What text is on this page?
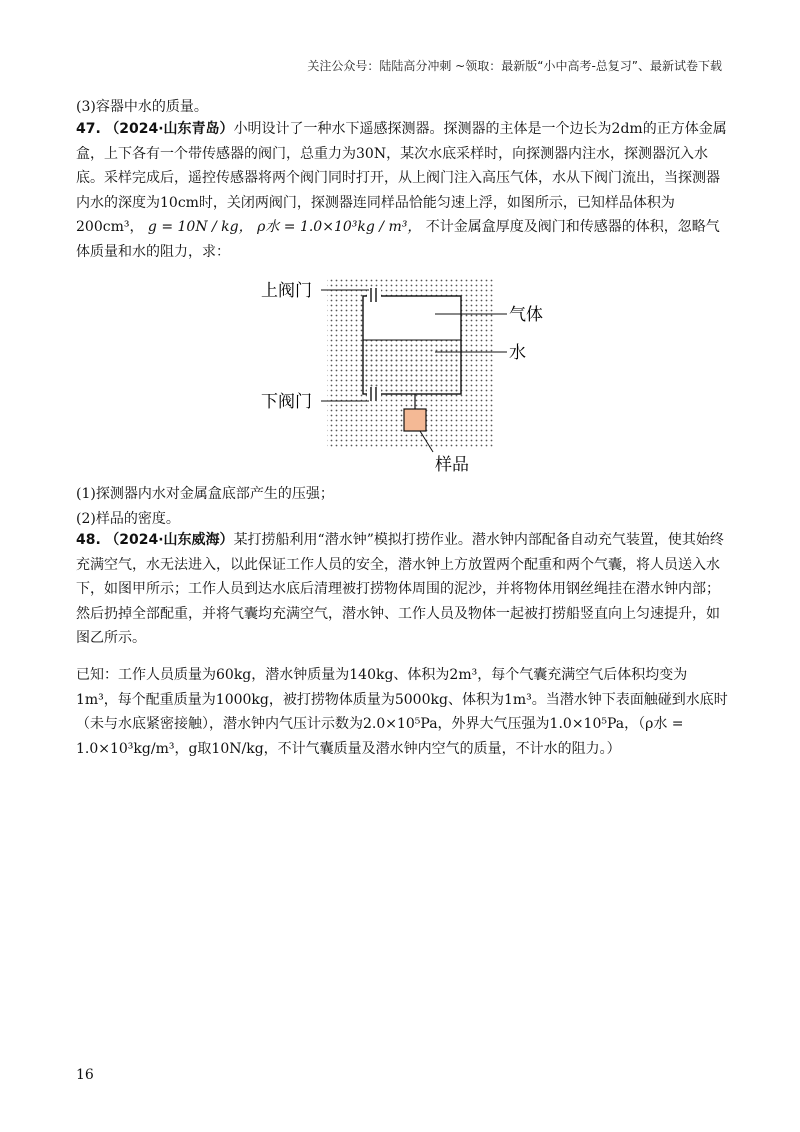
关注公众号：陆陆高分冲刺 ~领取：最新版“小中高考-总复习”、最新试卷下载
(3)容器中水的质量。
47. （2024·山东青岛）小明设计了一种水下遥感探测器。探测器的主体是一个边长为2dm的正方体金属盒，上下各有一个带传感器的阀门，总重力为30N，某次水底采样时，向探测器内注水，探测器沉入水底。采样完成后，遥控传感器将两个阀门同时打开，从上阀门注入高压气体，水从下阀门流出，当探测器内水的深度为10cm时，关闭两阀门，探测器连同样品恰能匀速上浮，如图所示，已知样品体积为 200cm³， g = 10N / kg， ρ水 = 1.0×10³kg / m³， 不计金属盒厚度及阀门和传感器的体积，忽略气体质量和水的阻力，求：
上阀门
下阀门
气体
水
样品
(1)探测器内水对金属盒底部产生的压强；
(2)样品的密度。
48. （2024·山东威海）某打捞船利用“潜水钟”模拟打捞作业。潜水钟内部配备自动充气装置，使其始终充满空气，水无法进入，以此保证工作人员的安全，潜水钟上方放置两个配重和两个气囊，将人员送入水下，如图甲所示；工作人员到达水底后清理被打捞物体周围的泥沙，并将物体用钢丝绳挂在潜水钟内部；然后扔掉全部配重，并将气囊均充满空气，潜水钟、工作人员及物体一起被打捞船竖直向上匀速提升，如图乙所示。
已知：工作人员质量为60kg，潜水钟质量为140kg、体积为2m³，每个气囊充满空气后体积均变为1m³，每个配重质量为1000kg，被打捞物体质量为5000kg、体积为1m³。当潜水钟下表面触碰到水底时（未与水底紧密接触），潜水钟内气压计示数为2.0×10⁵Pa，外界大气压强为1.0×10⁵Pa，（ρ水 = 1.0×10³kg/m³，g取10N/kg，不计气囊质量及潜水钟内空气的质量，不计水的阻力。）
16
